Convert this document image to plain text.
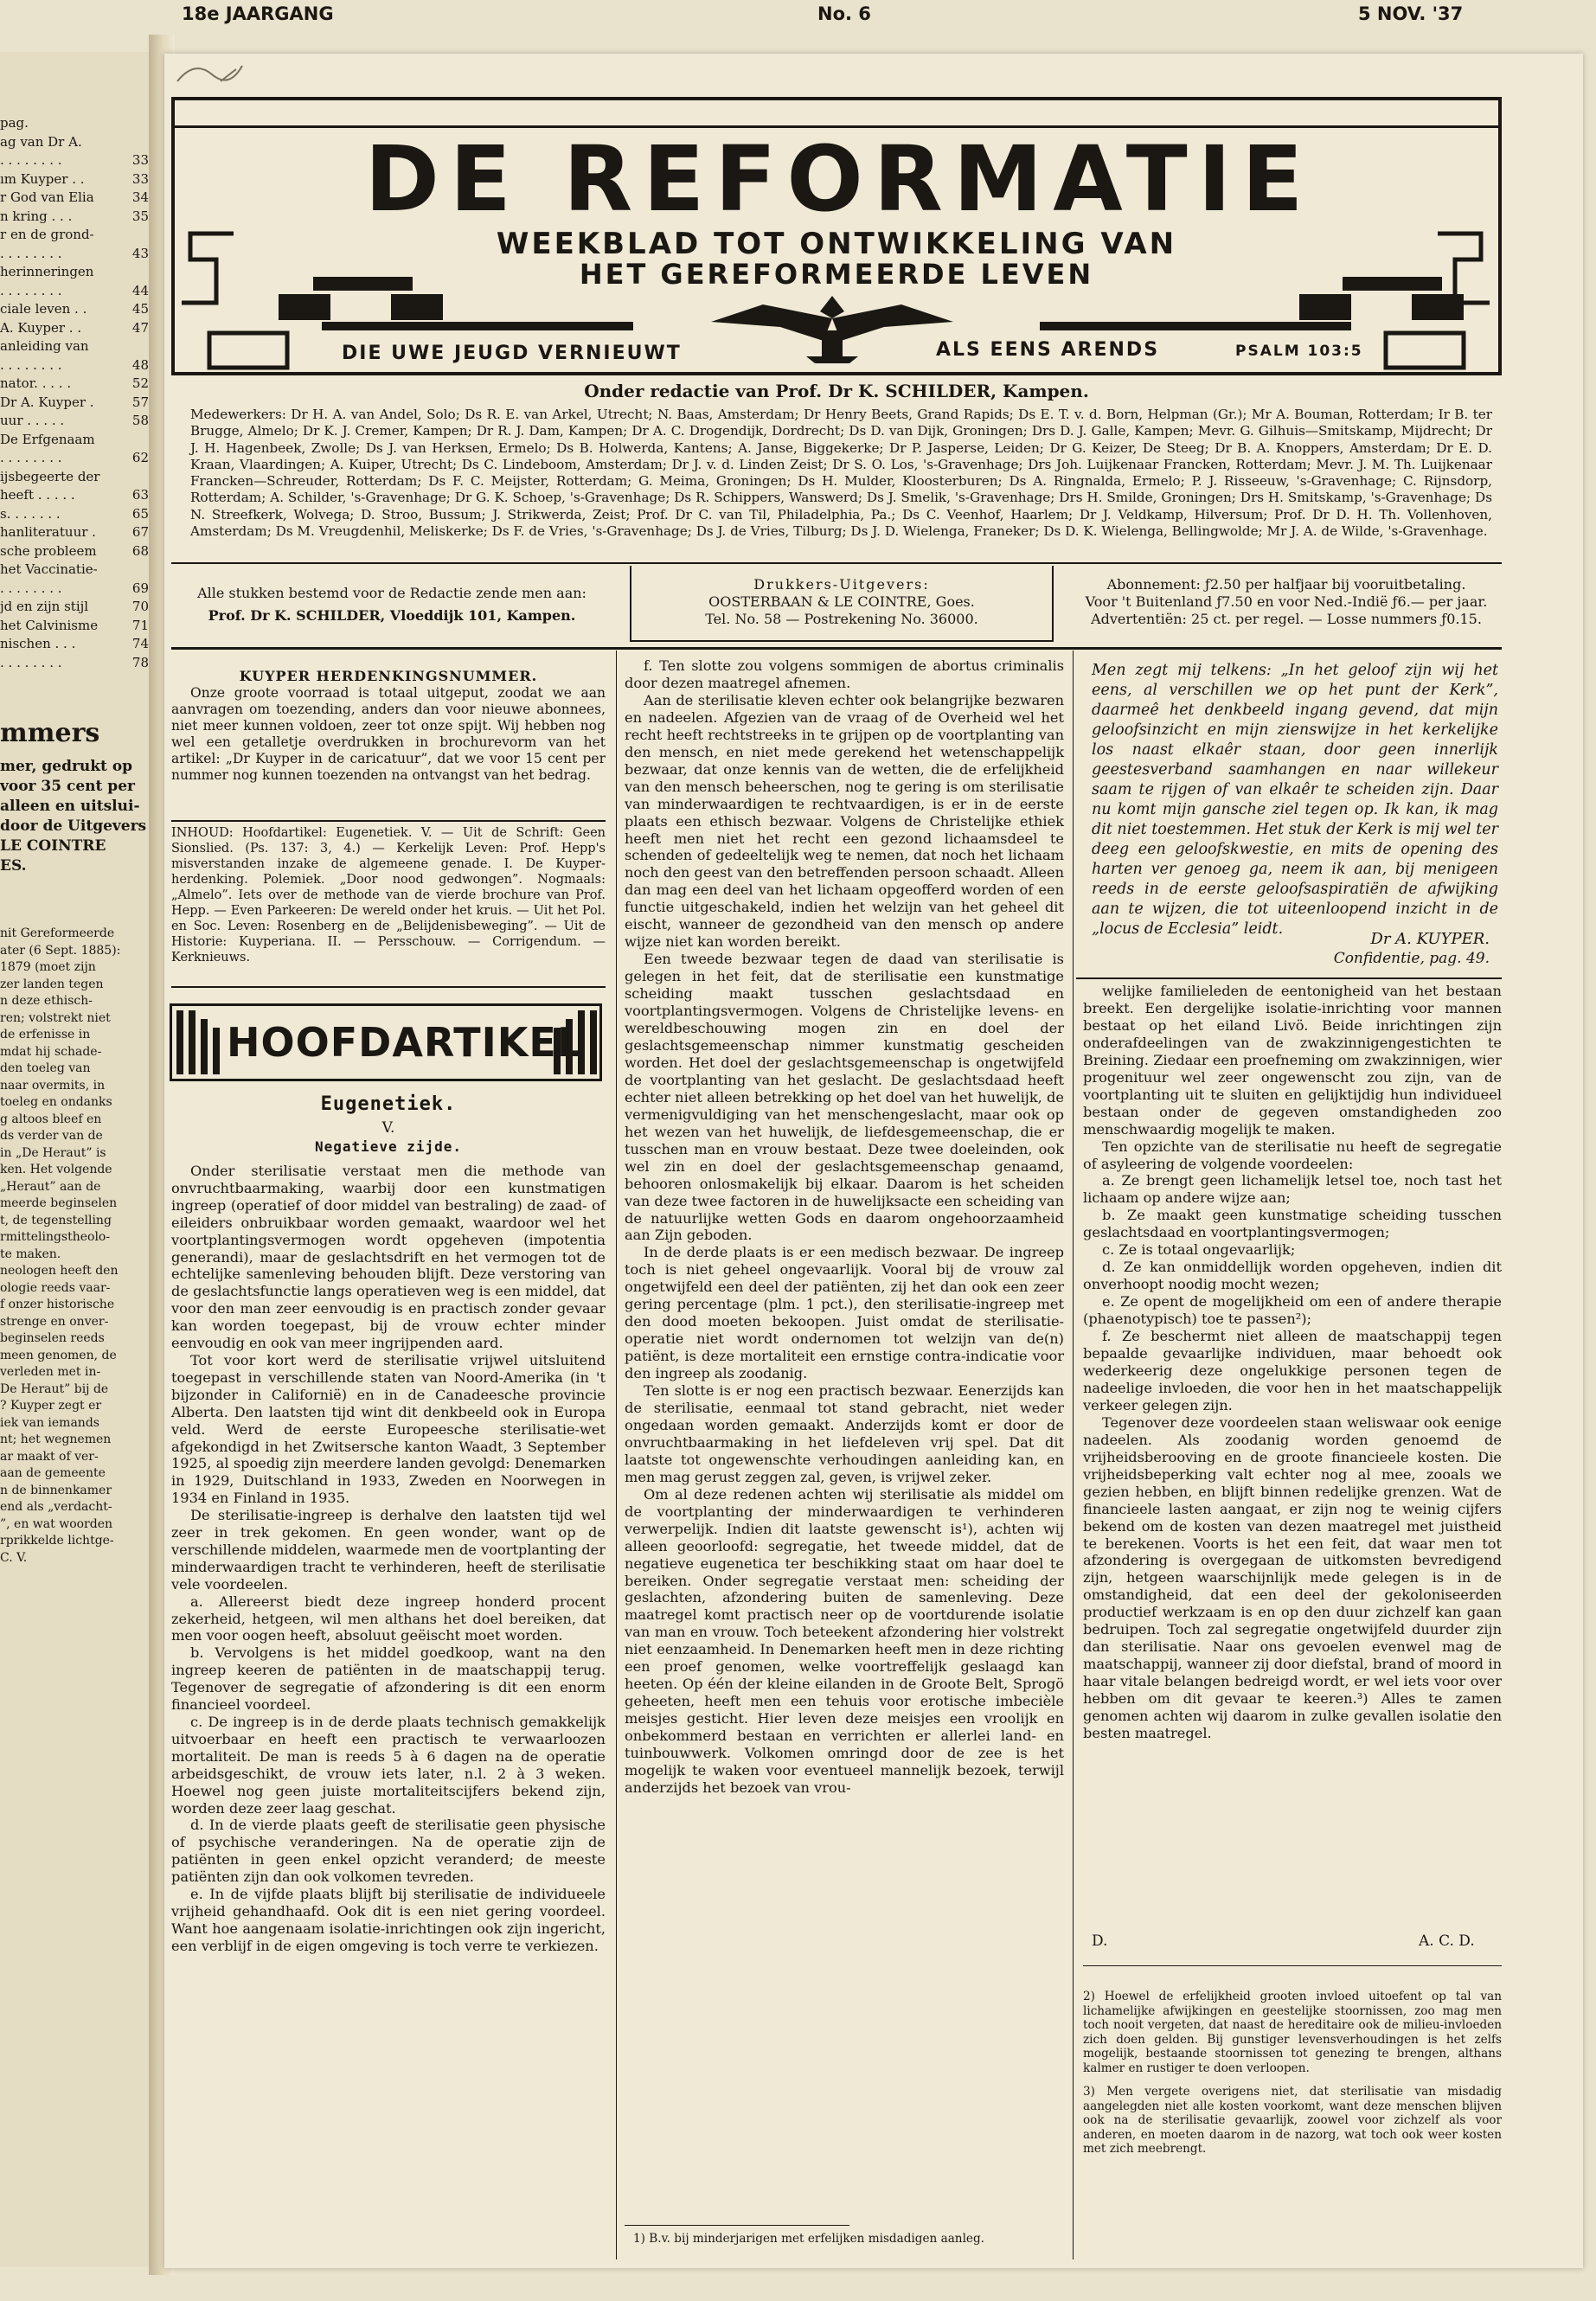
pag.
ag van Dr A.
. . . . . . . .	33
ım Kuyper . .	33
r God van Elia	34
n kring . . .	35
r en de grond-
. . . . . . . .	43
herinneringen
. . . . . . . .	44
ciale leven . .	45
A. Kuyper . .	47
anleiding van
. . . . . . . .	48
nator. . . . .	52
Dr A. Kuyper .	57
uur . . . . .	58
De Erfgenaam
. . . . . . . .	62
ijsbegeerte der
heeft . . . . .	63
s. . . . . . .	65
hanliteratuur .	67
sche probleem	68
het Vaccinatie-
. . . . . . . .	69
jd en zijn stijl	70
het Calvinisme	71
nischen . . .	74
. . . . . . . .	78
mmers
mer, gedrukt op
voor 35 cent per
alleen en uitslui-
door de Uitgevers
LE COINTRE
ES.
nit Gereformeerde
ater (6 Sept. 1885):
1879 (moet zijn
zer landen tegen
n deze ethisch-
ren; volstrekt niet
de erfenisse in
mdat hij schade-
den toeleg van
naar overmits, in
toeleg en ondanks
g altoos bleef en
ds verder van de
in „De Heraut” is
ken. Het volgende
„Heraut” aan de
meerde beginselen
t, de tegenstelling
rmittelingstheolo-
te maken.
neologen heeft den
ologie reeds vaar-
f onzer historische
strenge en onver-
beginselen reeds
meen genomen, de
verleden met in-
De Heraut” bij de
? Kuyper zegt er
iek van iemands
nt; het wegnemen
ar maakt of ver-
aan de gemeente
n de binnenkamer
end als „verdacht-
”, en wat woorden
rprikkelde lichtge-
C. V.
18e JAARGANG	No. 6	5 NOV. '37
DE REFORMATIE
WEEKBLAD TOT ONTWIKKELING VAN
HET GEREFORMEERDE LEVEN
DIE UWE JEUGD VERNIEUWT	ALS EENS ARENDS	PSALM 103:5
Onder redactie van Prof. Dr K. SCHILDER, Kampen.
Medewerkers: Dr H. A. van Andel, Solo; Ds R. E. van Arkel, Utrecht; N. Baas, Amsterdam; Dr Henry Beets, Grand Rapids; Ds E. T. v. d. Born, Helpman (Gr.); Mr A. Bouman, Rotterdam; Ir B. ter Brugge, Almelo; Dr K. J. Cremer, Kampen; Dr R. J. Dam, Kampen; Dr A. C. Drogendijk, Dordrecht; Ds D. van Dijk, Groningen; Drs D. J. Galle, Kampen; Mevr. G. Gilhuis—Smitskamp, Mijdrecht; Dr J. H. Hagenbeek, Zwolle; Ds J. van Herksen, Ermelo; Ds B. Holwerda, Kantens; A. Janse, Biggekerke; Dr P. Jasperse, Leiden; Dr G. Keizer, De Steeg; Dr B. A. Knoppers, Amsterdam; Dr E. D. Kraan, Vlaardingen; A. Kuiper, Utrecht; Ds C. Lindeboom, Amsterdam; Dr J. v. d. Linden Zeist; Dr S. O. Los, 's-Gravenhage; Drs Joh. Luijkenaar Francken, Rotterdam; Mevr. J. M. Th. Luijkenaar Francken—Schreuder, Rotterdam; Ds F. C. Meijster, Rotterdam; G. Meima, Groningen; Ds H. Mulder, Kloosterburen; Ds A. Ringnalda, Ermelo; P. J. Risseeuw, 's-Gravenhage; C. Rijnsdorp, Rotterdam; A. Schilder, 's-Gravenhage; Dr G. K. Schoep, 's-Gravenhage; Ds R. Schippers, Wanswerd; Ds J. Smelik, 's-Gravenhage; Drs H. Smilde, Groningen; Drs H. Smitskamp, 's-Gravenhage; Ds N. Streefkerk, Wolvega; D. Stroo, Bussum; J. Strikwerda, Zeist; Prof. Dr C. van Til, Philadelphia, Pa.; Ds C. Veenhof, Haarlem; Dr J. Veldkamp, Hilversum; Prof. Dr D. H. Th. Vollenhoven, Amsterdam; Ds M. Vreugdenhil, Meliskerke; Ds F. de Vries, 's-Gravenhage; Ds J. de Vries, Tilburg; Ds J. D. Wielenga, Franeker; Ds D. K. Wielenga, Bellingwolde; Mr J. A. de Wilde, 's-Gravenhage.
Alle stukken bestemd voor de Redactie zende men aan:
Prof. Dr K. SCHILDER, Vloeddijk 101, Kampen.
Drukkers-Uitgevers:
OOSTERBAAN & LE COINTRE, Goes.
Tel. No. 58 — Postrekening No. 36000.
Abonnement: ƒ2.50 per halfjaar bij vooruitbetaling.
Voor 't Buitenland ƒ7.50 en voor Ned.-Indië ƒ6.— per jaar.
Advertentiën: 25 ct. per regel. — Losse nummers ƒ0.15.
KUYPER HERDENKINGSNUMMER.

Onze groote voorraad is totaal uitgeput, zoodat we aan aanvragen om toezending, anders dan voor nieuwe abonnees, niet meer kunnen voldoen, zeer tot onze spijt. Wij hebben nog wel een getalletje overdrukken in brochurevorm van het artikel: „Dr Kuyper in de caricatuur”, dat we voor 15 cent per nummer nog kunnen toezenden na ontvangst van het bedrag.

INHOUD: Hoofdartikel: Eugenetiek. V. — Uit de Schrift: Geen Sionslied. (Ps. 137: 3, 4.) — Kerkelijk Leven: Prof. Hepp's misverstanden inzake de algemeene genade. I. De Kuyper-herdenking. Polemiek. „Door nood gedwongen”. Nogmaals: „Almelo”. Iets over de methode van de vierde brochure van Prof. Hepp. — Even Parkeeren: De wereld onder het kruis. — Uit het Pol. en Soc. Leven: Rosenberg en de „Belijdenisbeweging”. — Uit de Historie: Kuyperiana. II. — Persschouw. — Corrigendum. — Kerknieuws.
HOOFDARTIKEL
Eugenetiek.
V.
Negatieve zijde.

Onder sterilisatie verstaat men die methode van onvruchtbaarmaking, waarbij door een kunstmatigen ingreep (operatief of door middel van bestraling) de zaad- of eileiders onbruikbaar worden gemaakt, waardoor wel het voortplantingsvermogen wordt opgeheven (impotentia generandi), maar de geslachtsdrift en het vermogen tot de echtelijke samenleving behouden blijft. Deze verstoring van de geslachtsfunctie langs operatieven weg is een middel, dat voor den man zeer eenvoudig is en practisch zonder gevaar kan worden toegepast, bij de vrouw echter minder eenvoudig en ook van meer ingrijpenden aard.

Tot voor kort werd de sterilisatie vrijwel uitsluitend toegepast in verschillende staten van Noord-Amerika (in 't bijzonder in Californië) en in de Canadeesche provincie Alberta. Den laatsten tijd wint dit denkbeeld ook in Europa veld. Werd de eerste Europeesche sterilisatie-wet afgekondigd in het Zwitsersche kanton Waadt, 3 September 1925, al spoedig zijn meerdere landen gevolgd: Denemarken in 1929, Duitschland in 1933, Zweden en Noorwegen in 1934 en Finland in 1935.

De sterilisatie-ingreep is derhalve den laatsten tijd wel zeer in trek gekomen. En geen wonder, want op de verschillende middelen, waarmede men de voortplanting der minderwaardigen tracht te verhinderen, heeft de sterilisatie vele voordeelen.

a. Allereerst biedt deze ingreep honderd procent zekerheid, hetgeen, wil men althans het doel bereiken, dat men voor oogen heeft, absoluut geëischt moet worden.

b. Vervolgens is het middel goedkoop, want na den ingreep keeren de patiënten in de maatschappij terug. Tegenover de segregatie of afzondering is dit een enorm financieel voordeel.

c. De ingreep is in de derde plaats technisch gemakkelijk uitvoerbaar en heeft een practisch te verwaarloozen mortaliteit. De man is reeds 5 à 6 dagen na de operatie arbeidsgeschikt, de vrouw iets later, n.l. 2 à 3 weken. Hoewel nog geen juiste mortaliteitscijfers bekend zijn, worden deze zeer laag geschat.

d. In de vierde plaats geeft de sterilisatie geen physische of psychische veranderingen. Na de operatie zijn de patiënten in geen enkel opzicht veranderd; de meeste patiënten zijn dan ook volkomen tevreden.

e. In de vijfde plaats blijft bij sterilisatie de individueele vrijheid gehandhaafd. Ook dit is een niet gering voordeel. Want hoe aangenaam isolatie-inrichtingen ook zijn ingericht, een verblijf in de eigen omgeving is toch verre te verkiezen.

f. Ten slotte zou volgens sommigen de abortus criminalis door dezen maatregel afnemen.

Aan de sterilisatie kleven echter ook belangrijke bezwaren en nadeelen. Afgezien van de vraag of de Overheid wel het recht heeft rechtstreeks in te grijpen op de voortplanting van den mensch, en niet mede gerekend het wetenschappelijk bezwaar, dat onze kennis van de wetten, die de erfelijkheid van den mensch beheerschen, nog te gering is om sterilisatie van minderwaardigen te rechtvaardigen, is er in de eerste plaats een ethisch bezwaar. Volgens de Christelijke ethiek heeft men niet het recht een gezond lichaamsdeel te schenden of gedeeltelijk weg te nemen, dat noch het lichaam noch den geest van den betreffenden persoon schaadt. Alleen dan mag een deel van het lichaam opgeofferd worden of een functie uitgeschakeld, indien het welzijn van het geheel dit eischt, wanneer de gezondheid van den mensch op andere wijze niet kan worden bereikt.

Een tweede bezwaar tegen de daad van sterilisatie is gelegen in het feit, dat de sterilisatie een kunstmatige scheiding maakt tusschen geslachtsdaad en voortplantingsvermogen. Volgens de Christelijke levens- en wereldbeschouwing mogen zin en doel der geslachtsgemeenschap nimmer kunstmatig gescheiden worden. Het doel der geslachtsgemeenschap is ongetwijfeld de voortplanting van het geslacht. De geslachtsdaad heeft echter niet alleen betrekking op het doel van het huwelijk, de vermenigvuldiging van het menschengeslacht, maar ook op het wezen van het huwelijk, de liefdesgemeenschap, die er tusschen man en vrouw bestaat. Deze twee doeleinden, ook wel zin en doel der geslachtsgemeenschap genaamd, behooren onlosmakelijk bij elkaar. Daarom is het scheiden van deze twee factoren in de huwelijksacte een scheiding van de natuurlijke wetten Gods en daarom ongehoorzaamheid aan Zijn geboden.

In de derde plaats is er een medisch bezwaar. De ingreep toch is niet geheel ongevaarlijk. Vooral bij de vrouw zal ongetwijfeld een deel der patiënten, zij het dan ook een zeer gering percentage (plm. 1 pct.), den sterilisatie-ingreep met den dood moeten bekoopen. Juist omdat de sterilisatie-operatie niet wordt ondernomen tot welzijn van de(n) patiënt, is deze mortaliteit een ernstige contra-indicatie voor den ingreep als zoodanig.

Ten slotte is er nog een practisch bezwaar. Eenerzijds kan de sterilisatie, eenmaal tot stand gebracht, niet weder ongedaan worden gemaakt. Anderzijds komt er door de onvruchtbaarmaking in het liefdeleven vrij spel. Dat dit laatste tot ongewenschte verhoudingen aanleiding kan, en men mag gerust zeggen zal, geven, is vrijwel zeker.

Om al deze redenen achten wij sterilisatie als middel om de voortplanting der minderwaardigen te verhinderen verwerpelijk. Indien dit laatste gewenscht is¹), achten wij alleen geoorloofd: segregatie, het tweede middel, dat de negatieve eugenetica ter beschikking staat om haar doel te bereiken. Onder segregatie verstaat men: scheiding der geslachten, afzondering buiten de samenleving. Deze maatregel komt practisch neer op de voortdurende isolatie van man en vrouw. Toch beteekent afzondering hier volstrekt niet eenzaamheid. In Denemarken heeft men in deze richting een proef genomen, welke voortreffelijk geslaagd kan heeten. Op één der kleine eilanden in de Groote Belt, Sprogö geheeten, heeft men een tehuis voor erotische imbecièle meisjes gesticht. Hier leven deze meisjes een vroolijk en onbekommerd bestaan en verrichten er allerlei land- en tuinbouwwerk. Volkomen omringd door de zee is het mogelijk te waken voor eventueel mannelijk bezoek, terwijl anderzijds het bezoek van vrou-

1) B.v. bij minderjarigen met erfelijken misdadigen aanleg.
Men zegt mij telkens: „In het geloof zijn wij het eens, al verschillen we op het punt der Kerk”, daarmeê het denkbeeld ingang gevend, dat mijn geloofsinzicht en mijn zienswijze in het kerkelijke los naast elkaêr staan, door geen innerlijk geestesverband saamhangen en naar willekeur saam te rijgen of van elkaêr te scheiden zijn. Daar nu komt mijn gansche ziel tegen op. Ik kan, ik mag dit niet toestemmen. Het stuk der Kerk is mij wel ter deeg een geloofskwestie, en mits de opening des harten ver genoeg ga, neem ik aan, bij menigeen reeds in de eerste geloofsaspiratiën de afwijking aan te wijzen, die tot uiteenloopend inzicht in de „locus de Ecclesia” leidt.
Dr A. KUYPER.
Confidentie, pag. 49.

welijke familieleden de eentonigheid van het bestaan breekt. Een dergelijke isolatie-inrichting voor mannen bestaat op het eiland Livö. Beide inrichtingen zijn onderafdeelingen van de zwakzinnigengestichten te Breining. Ziedaar een proefneming om zwakzinnigen, wier progenituur wel zeer ongewenscht zou zijn, van de voortplanting uit te sluiten en gelijktijdig hun individueel bestaan onder de gegeven omstandigheden zoo menschwaardig mogelijk te maken.

Ten opzichte van de sterilisatie nu heeft de segregatie of asyleering de volgende voordeelen:

a. Ze brengt geen lichamelijk letsel toe, noch tast het lichaam op andere wijze aan;

b. Ze maakt geen kunstmatige scheiding tusschen geslachtsdaad en voortplantingsvermogen;

c. Ze is totaal ongevaarlijk;

d. Ze kan onmiddellijk worden opgeheven, indien dit onverhoopt noodig mocht wezen;

e. Ze opent de mogelijkheid om een of andere therapie (phaenotypisch) toe te passen²);

f. Ze beschermt niet alleen de maatschappij tegen bepaalde gevaarlijke individuen, maar behoedt ook wederkeerig deze ongelukkige personen tegen de nadeelige invloeden, die voor hen in het maatschappelijk verkeer gelegen zijn.

Tegenover deze voordeelen staan weliswaar ook eenige nadeelen. Als zoodanig worden genoemd de vrijheidsberooving en de groote financieele kosten. Die vrijheidsbeperking valt echter nog al mee, zooals we gezien hebben, en blijft binnen redelijke grenzen. Wat de financieele lasten aangaat, er zijn nog te weinig cijfers bekend om de kosten van dezen maatregel met juistheid te berekenen. Voorts is het een feit, dat waar men tot afzondering is overgegaan de uitkomsten bevredigend zijn, hetgeen waarschijnlijk mede gelegen is in de omstandigheid, dat een deel der gekoloniseerden productief werkzaam is en op den duur zichzelf kan gaan bedruipen. Toch zal segregatie ongetwijfeld duurder zijn dan sterilisatie. Naar ons gevoelen evenwel mag de maatschappij, wanneer zij door diefstal, brand of moord in haar vitale belangen bedreigd wordt, er wel iets voor over hebben om dit gevaar te keeren.³) Alles te zamen genomen achten wij daarom in zulke gevallen isolatie den besten maatregel.

D.	A. C. D.
2) Hoewel de erfelijkheid grooten invloed uitoefent op tal van lichamelijke afwijkingen en geestelijke stoornissen, zoo mag men toch nooit vergeten, dat naast de hereditaire ook de milieu-invloeden zich doen gelden. Bij gunstiger levensverhoudingen is het zelfs mogelijk, bestaande stoornissen tot genezing te brengen, althans kalmer en rustiger te doen verloopen.
3) Men vergete overigens niet, dat sterilisatie van misdadig aangelegden niet alle kosten voorkomt, want deze menschen blijven ook na de sterilisatie gevaarlijk, zoowel voor zichzelf als voor anderen, en moeten daarom in de nazorg, wat toch ook weer kosten met zich meebrengt.
